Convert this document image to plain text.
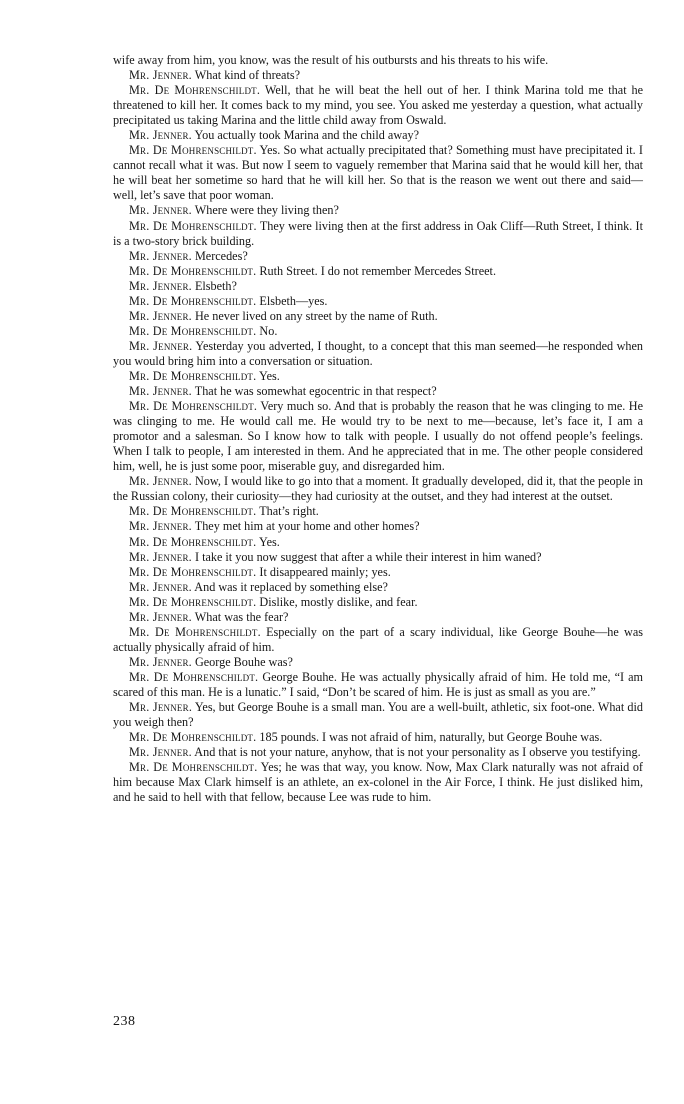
wife away from him, you know, was the result of his outbursts and his threats to his wife.

Mr. Jenner. What kind of threats?

Mr. De Mohrenschildt. Well, that he will beat the hell out of her. I think Marina told me that he threatened to kill her. It comes back to my mind, you see. You asked me yesterday a question, what actually precipitated us taking Marina and the little child away from Oswald.

Mr. Jenner. You actually took Marina and the child away?

Mr. De Mohrenschildt. Yes. So what actually precipitated that? Something must have precipitated it. I cannot recall what it was. But now I seem to vaguely remember that Marina said that he would kill her, that he will beat her sometime so hard that he will kill her. So that is the reason we went out there and said—well, let’s save that poor woman.

Mr. Jenner. Where were they living then?

Mr. De Mohrenschildt. They were living then at the first address in Oak Cliff—Ruth Street, I think. It is a two-story brick building.

Mr. Jenner. Mercedes?

Mr. De Mohrenschildt. Ruth Street. I do not remember Mercedes Street.

Mr. Jenner. Elsbeth?

Mr. De Mohrenschildt. Elsbeth—yes.

Mr. Jenner. He never lived on any street by the name of Ruth.

Mr. De Mohrenschildt. No.

Mr. Jenner. Yesterday you adverted, I thought, to a concept that this man seemed—he responded when you would bring him into a conversation or situation.

Mr. De Mohrenschildt. Yes.

Mr. Jenner. That he was somewhat egocentric in that respect?

Mr. De Mohrenschildt. Very much so. And that is probably the reason that he was clinging to me. He was clinging to me. He would call me. He would try to be next to me—because, let’s face it, I am a promotor and a salesman. So I know how to talk with people. I usually do not offend people’s feelings. When I talk to people, I am interested in them. And he appreciated that in me. The other people considered him, well, he is just some poor, miserable guy, and disregarded him.

Mr. Jenner. Now, I would like to go into that a moment. It gradually developed, did it, that the people in the Russian colony, their curiosity—they had curiosity at the outset, and they had interest at the outset.

Mr. De Mohrenschildt. That’s right.

Mr. Jenner. They met him at your home and other homes?

Mr. De Mohrenschildt. Yes.

Mr. Jenner. I take it you now suggest that after a while their interest in him waned?

Mr. De Mohrenschildt. It disappeared mainly; yes.

Mr. Jenner. And was it replaced by something else?

Mr. De Mohrenschildt. Dislike, mostly dislike, and fear.

Mr. Jenner. What was the fear?

Mr. De Mohrenschildt. Especially on the part of a scary individual, like George Bouhe—he was actually physically afraid of him.

Mr. Jenner. George Bouhe was?

Mr. De Mohrenschildt. George Bouhe. He was actually physically afraid of him. He told me, “I am scared of this man. He is a lunatic.” I said, “Don’t be scared of him. He is just as small as you are.”

Mr. Jenner. Yes, but George Bouhe is a small man. You are a well-built, athletic, six foot-one. What did you weigh then?

Mr. De Mohrenschildt. 185 pounds. I was not afraid of him, naturally, but George Bouhe was.

Mr. Jenner. And that is not your nature, anyhow, that is not your personality as I observe you testifying.

Mr. De Mohrenschildt. Yes; he was that way, you know. Now, Max Clark naturally was not afraid of him because Max Clark himself is an athlete, an ex-colonel in the Air Force, I think. He just disliked him, and he said to hell with that fellow, because Lee was rude to him.

238
